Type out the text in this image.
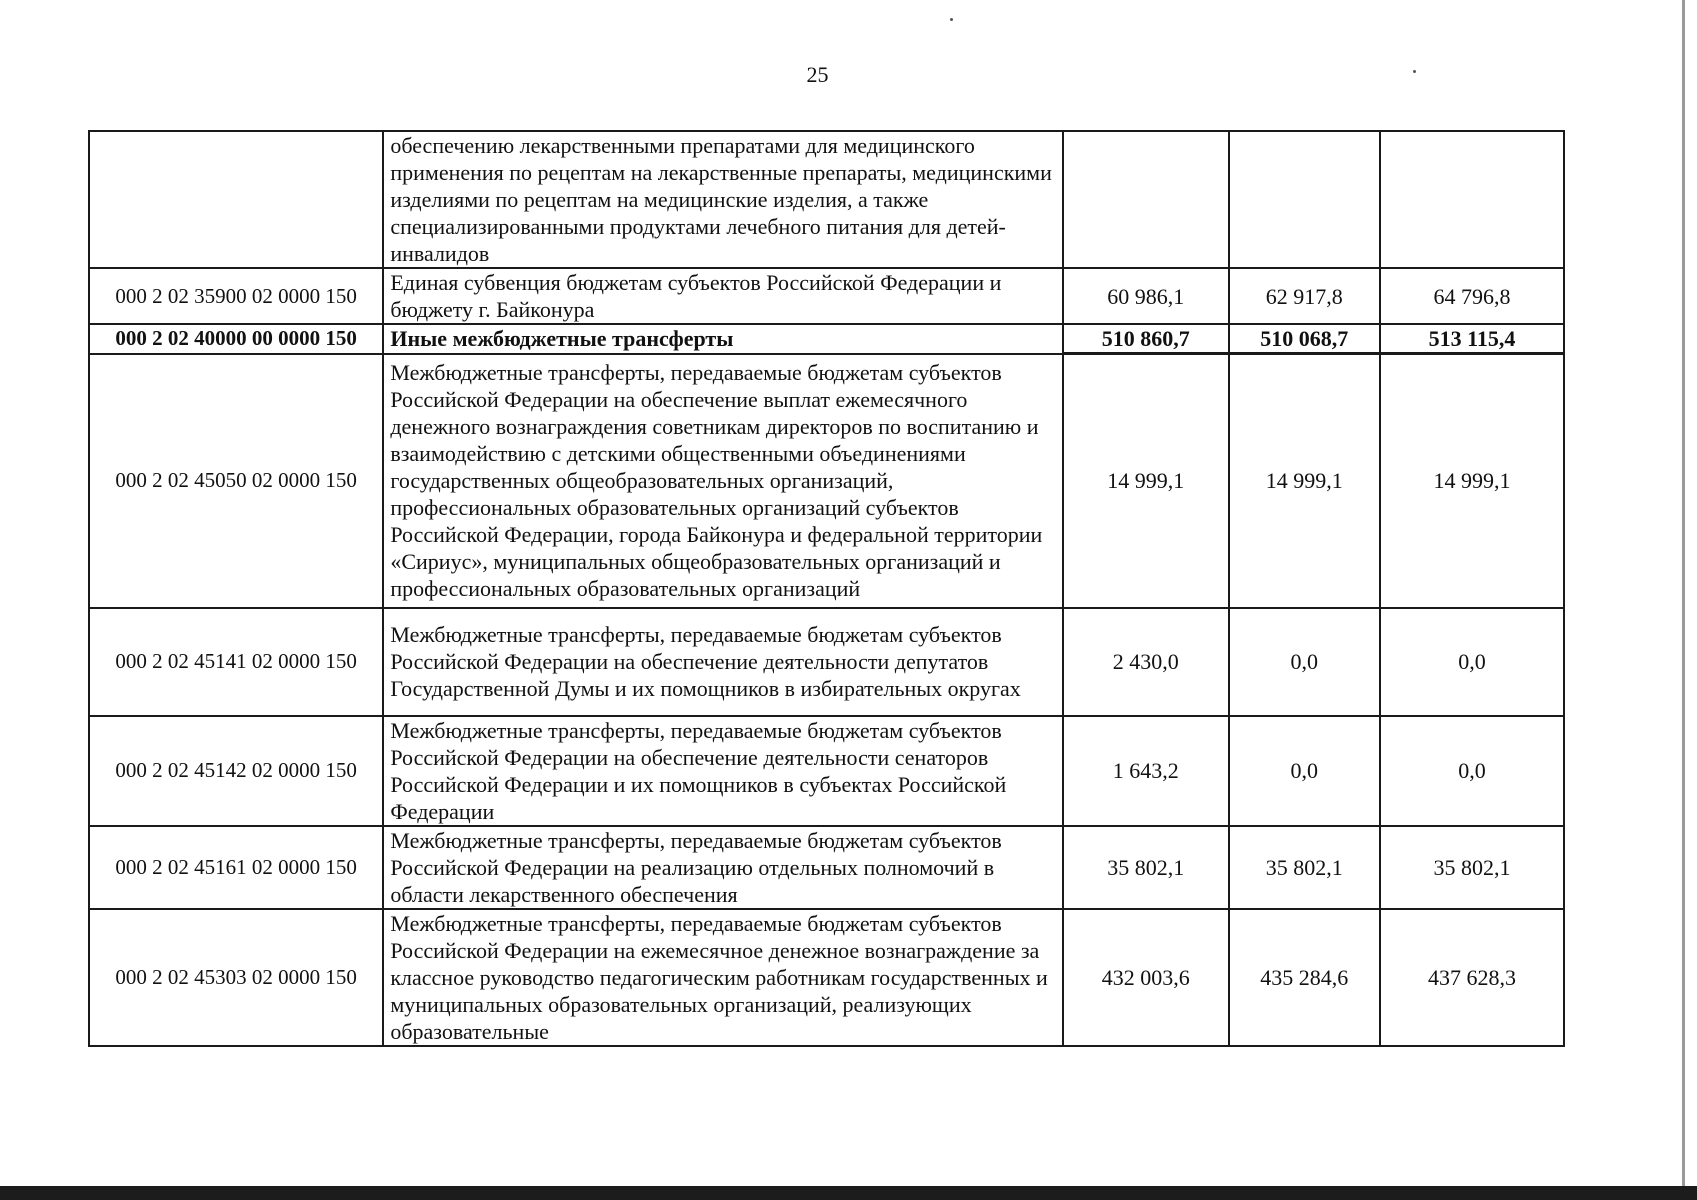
25
	обеспечению лекарственными препаратами для медицинского применения по рецептам на лекарственные препараты, медицинскими изделиями по рецептам на медицинские изделия, а также специализированными продуктами лечебного питания для детей-инвалидов			
000 2 02 35900 02 0000 150	Единая субвенция бюджетам субъектов Российской Федерации и бюджету г. Байконура	60 986,1	62 917,8	64 796,8
000 2 02 40000 00 0000 150	Иные межбюджетные трансферты	510 860,7	510 068,7	513 115,4
000 2 02 45050 02 0000 150	Межбюджетные трансферты, передаваемые бюджетам субъектов Российской Федерации на обеспечение выплат ежемесячного денежного вознаграждения советникам директоров по воспитанию и взаимодействию с детскими общественными объединениями государственных общеобразовательных организаций, профессиональных образовательных организаций субъектов Российской Федерации, города Байконура и федеральной территории «Сириус», муниципальных общеобразовательных организаций и профессиональных образовательных организаций	14 999,1	14 999,1	14 999,1
000 2 02 45141 02 0000 150	Межбюджетные трансферты, передаваемые бюджетам субъектов Российской Федерации на обеспечение деятельности депутатов Государственной Думы и их помощников в избирательных округах	2 430,0	0,0	0,0
000 2 02 45142 02 0000 150	Межбюджетные трансферты, передаваемые бюджетам субъектов Российской Федерации на обеспечение деятельности сенаторов Российской Федерации и их помощников в субъектах Российской Федерации	1 643,2	0,0	0,0
000 2 02 45161 02 0000 150	Межбюджетные трансферты, передаваемые бюджетам субъектов Российской Федерации на реализацию отдельных полномочий в области лекарственного обеспечения	35 802,1	35 802,1	35 802,1
000 2 02 45303 02 0000 150	Межбюджетные трансферты, передаваемые бюджетам субъектов Российской Федерации на ежемесячное денежное вознаграждение за классное руководство педагогическим работникам государственных и муниципальных образовательных организаций, реализующих образовательные	432 003,6	435 284,6	437 628,3
